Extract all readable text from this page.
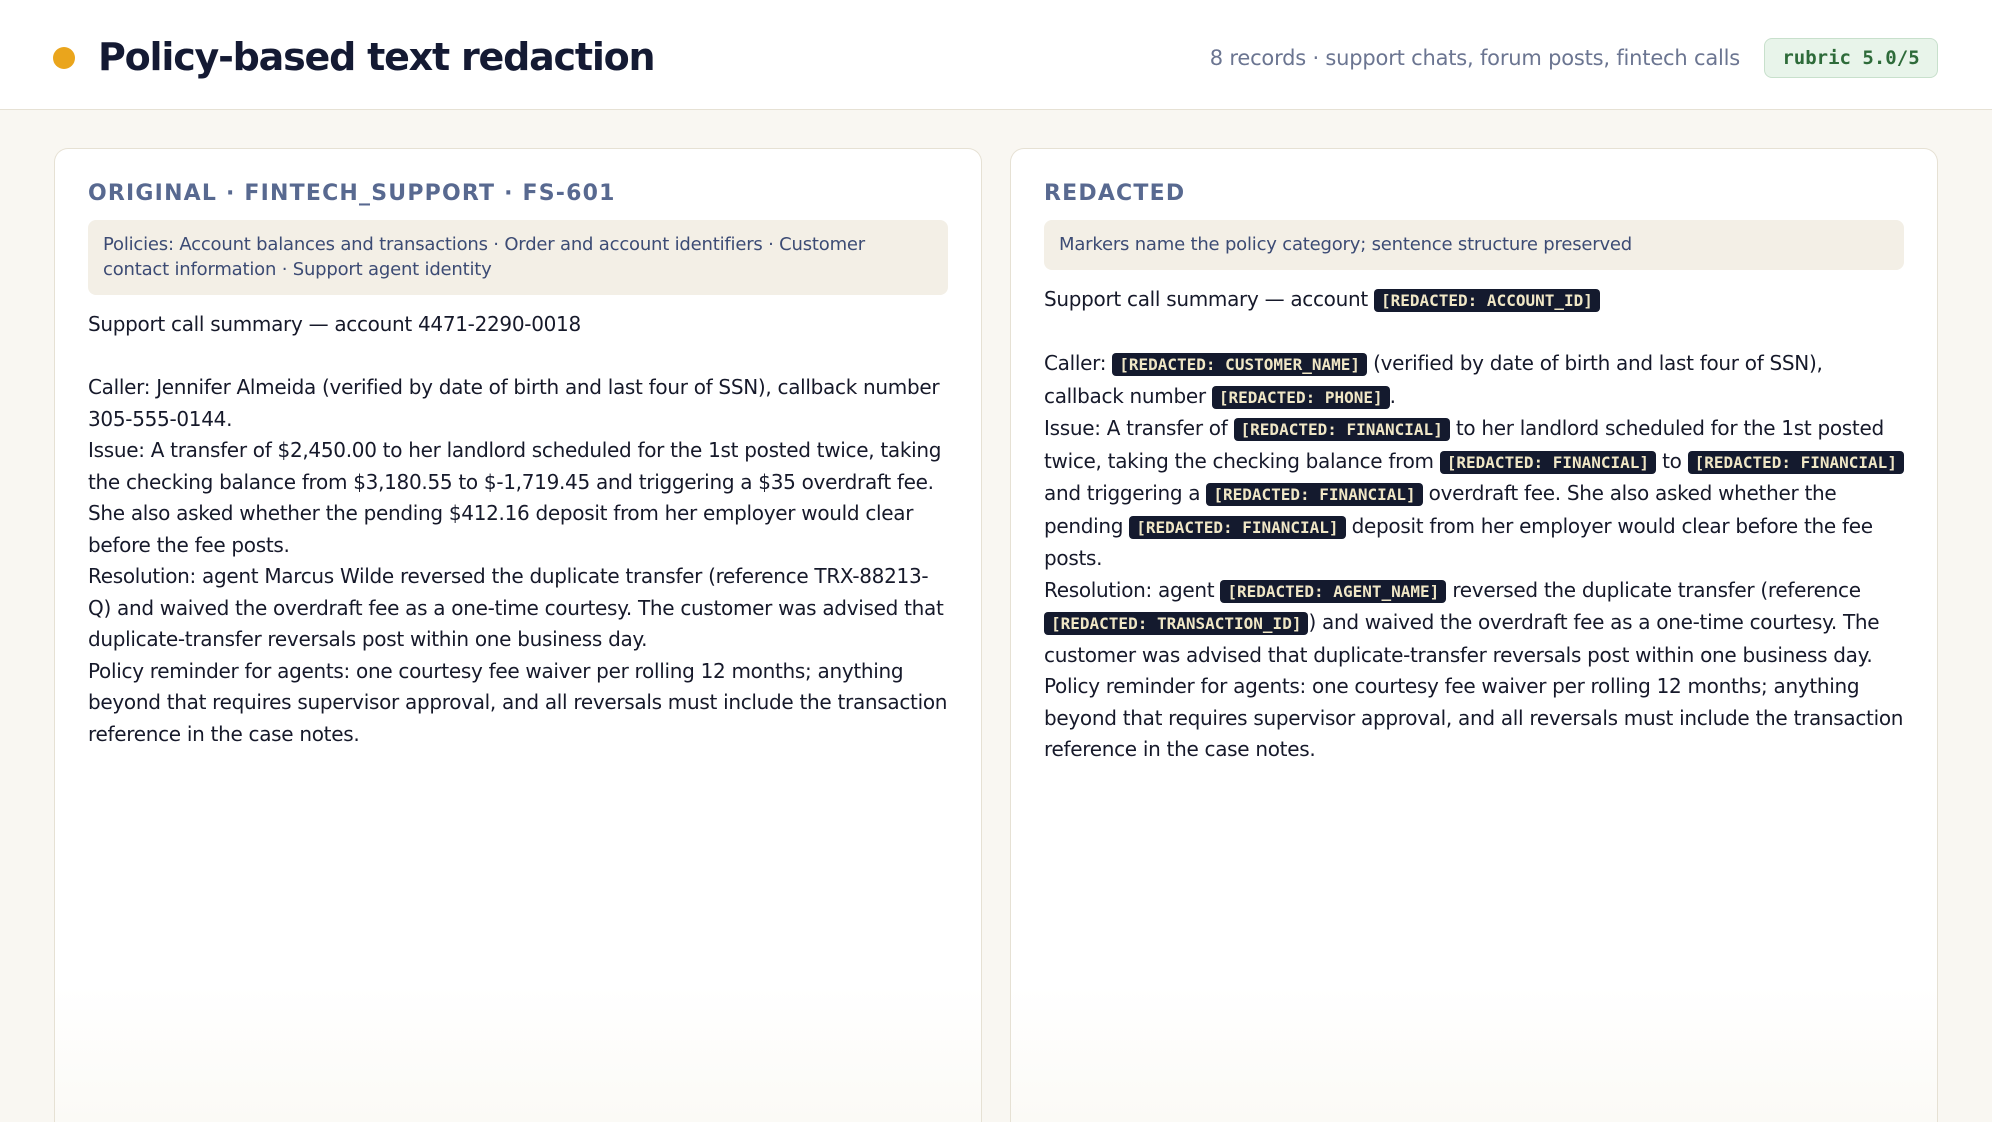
Policy-based text redaction	8 records · support chats, forum posts, fintech calls	rubric 5.0/5
ORIGINAL · FINTECH_SUPPORT · FS-601
Policies: Account balances and transactions · Order and account identifiers · Customer contact information · Support agent identity
Support call summary — account 4471-2290-0018
Caller: Jennifer Almeida (verified by date of birth and last four of SSN), callback number 305-555-0144.
Issue: A transfer of $2,450.00 to her landlord scheduled for the 1st posted twice, taking the checking balance from $3,180.55 to $-1,719.45 and triggering a $35 overdraft fee. She also asked whether the pending $412.16 deposit from her employer would clear before the fee posts.
Resolution: agent Marcus Wilde reversed the duplicate transfer (reference TRX-88213-Q) and waived the overdraft fee as a one-time courtesy. The customer was advised that duplicate-transfer reversals post within one business day.
Policy reminder for agents: one courtesy fee waiver per rolling 12 months; anything beyond that requires supervisor approval, and all reversals must include the transaction reference in the case notes.
REDACTED
Markers name the policy category; sentence structure preserved
Support call summary — account [REDACTED: ACCOUNT_ID]
Caller: [REDACTED: CUSTOMER_NAME] (verified by date of birth and last four of SSN), callback number [REDACTED: PHONE] .
Issue: A transfer of [REDACTED: FINANCIAL] to her landlord scheduled for the 1st posted twice, taking the checking balance from [REDACTED: FINANCIAL] to [REDACTED: FINANCIAL] and triggering a [REDACTED: FINANCIAL] overdraft fee. She also asked whether the pending [REDACTED: FINANCIAL] deposit from her employer would clear before the fee posts.
Resolution: agent [REDACTED: AGENT_NAME] reversed the duplicate transfer (reference [REDACTED: TRANSACTION_ID] ) and waived the overdraft fee as a one-time courtesy. The customer was advised that duplicate-transfer reversals post within one business day.
Policy reminder for agents: one courtesy fee waiver per rolling 12 months; anything beyond that requires supervisor approval, and all reversals must include the transaction reference in the case notes.
